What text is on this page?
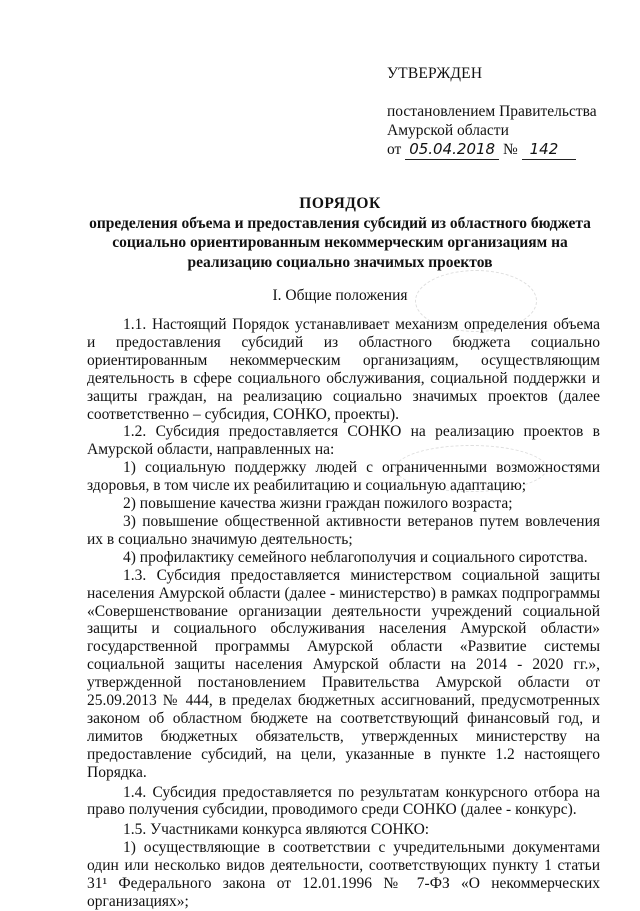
УТВЕРЖДЕН
постановлением Правительства
Амурской области
от 05.04.2018 № 142
ПОРЯДОК
определения объема и предоставления субсидий из областного бюджета
социально ориентированным некоммерческим организациям на
реализацию социально значимых проектов
I. Общие положения

1.1. Настоящий Порядок устанавливает механизм определения объема и предоставления субсидий из областного бюджета социально ориентированным некоммерческим организациям, осуществляющим деятельность в сфере социального обслуживания, социальной поддержки и защиты граждан, на реализацию социально значимых проектов (далее соответственно – субсидия, СОНКО, проекты).

1.2. Субсидия предоставляется СОНКО на реализацию проектов в Амурской области, направленных на:

1) социальную поддержку людей с ограниченными возможностями здоровья, в том числе их реабилитацию и социальную адаптацию;

2) повышение качества жизни граждан пожилого возраста;

3) повышение общественной активности ветеранов путем вовлечения их в социально значимую деятельность;

4) профилактику семейного неблагополучия и социального сиротства.

1.3. Субсидия предоставляется министерством социальной защиты населения Амурской области (далее - министерство) в рамках подпрограммы «Совершенствование организации деятельности учреждений социальной защиты и социального обслуживания населения Амурской области» государственной программы Амурской области «Развитие системы социальной защиты населения Амурской области на 2014 - 2020 гг.», утвержденной постановлением Правительства Амурской области от 25.09.2013 № 444, в пределах бюджетных ассигнований, предусмотренных законом об областном бюджете на соответствующий финансовый год, и лимитов бюджетных обязательств, утвержденных министерству на предоставление субсидий, на цели, указанные в пункте 1.2 настоящего Порядка.

1.4. Субсидия предоставляется по результатам конкурсного отбора на право получения субсидии, проводимого среди СОНКО (далее - конкурс).

1.5. Участниками конкурса являются СОНКО:

1) осуществляющие в соответствии с учредительными документами один или несколько видов деятельности, соответствующих пункту 1 статьи 31¹ Федерального закона от 12.01.1996 № 7-ФЗ «О некоммерческих организациях»;
